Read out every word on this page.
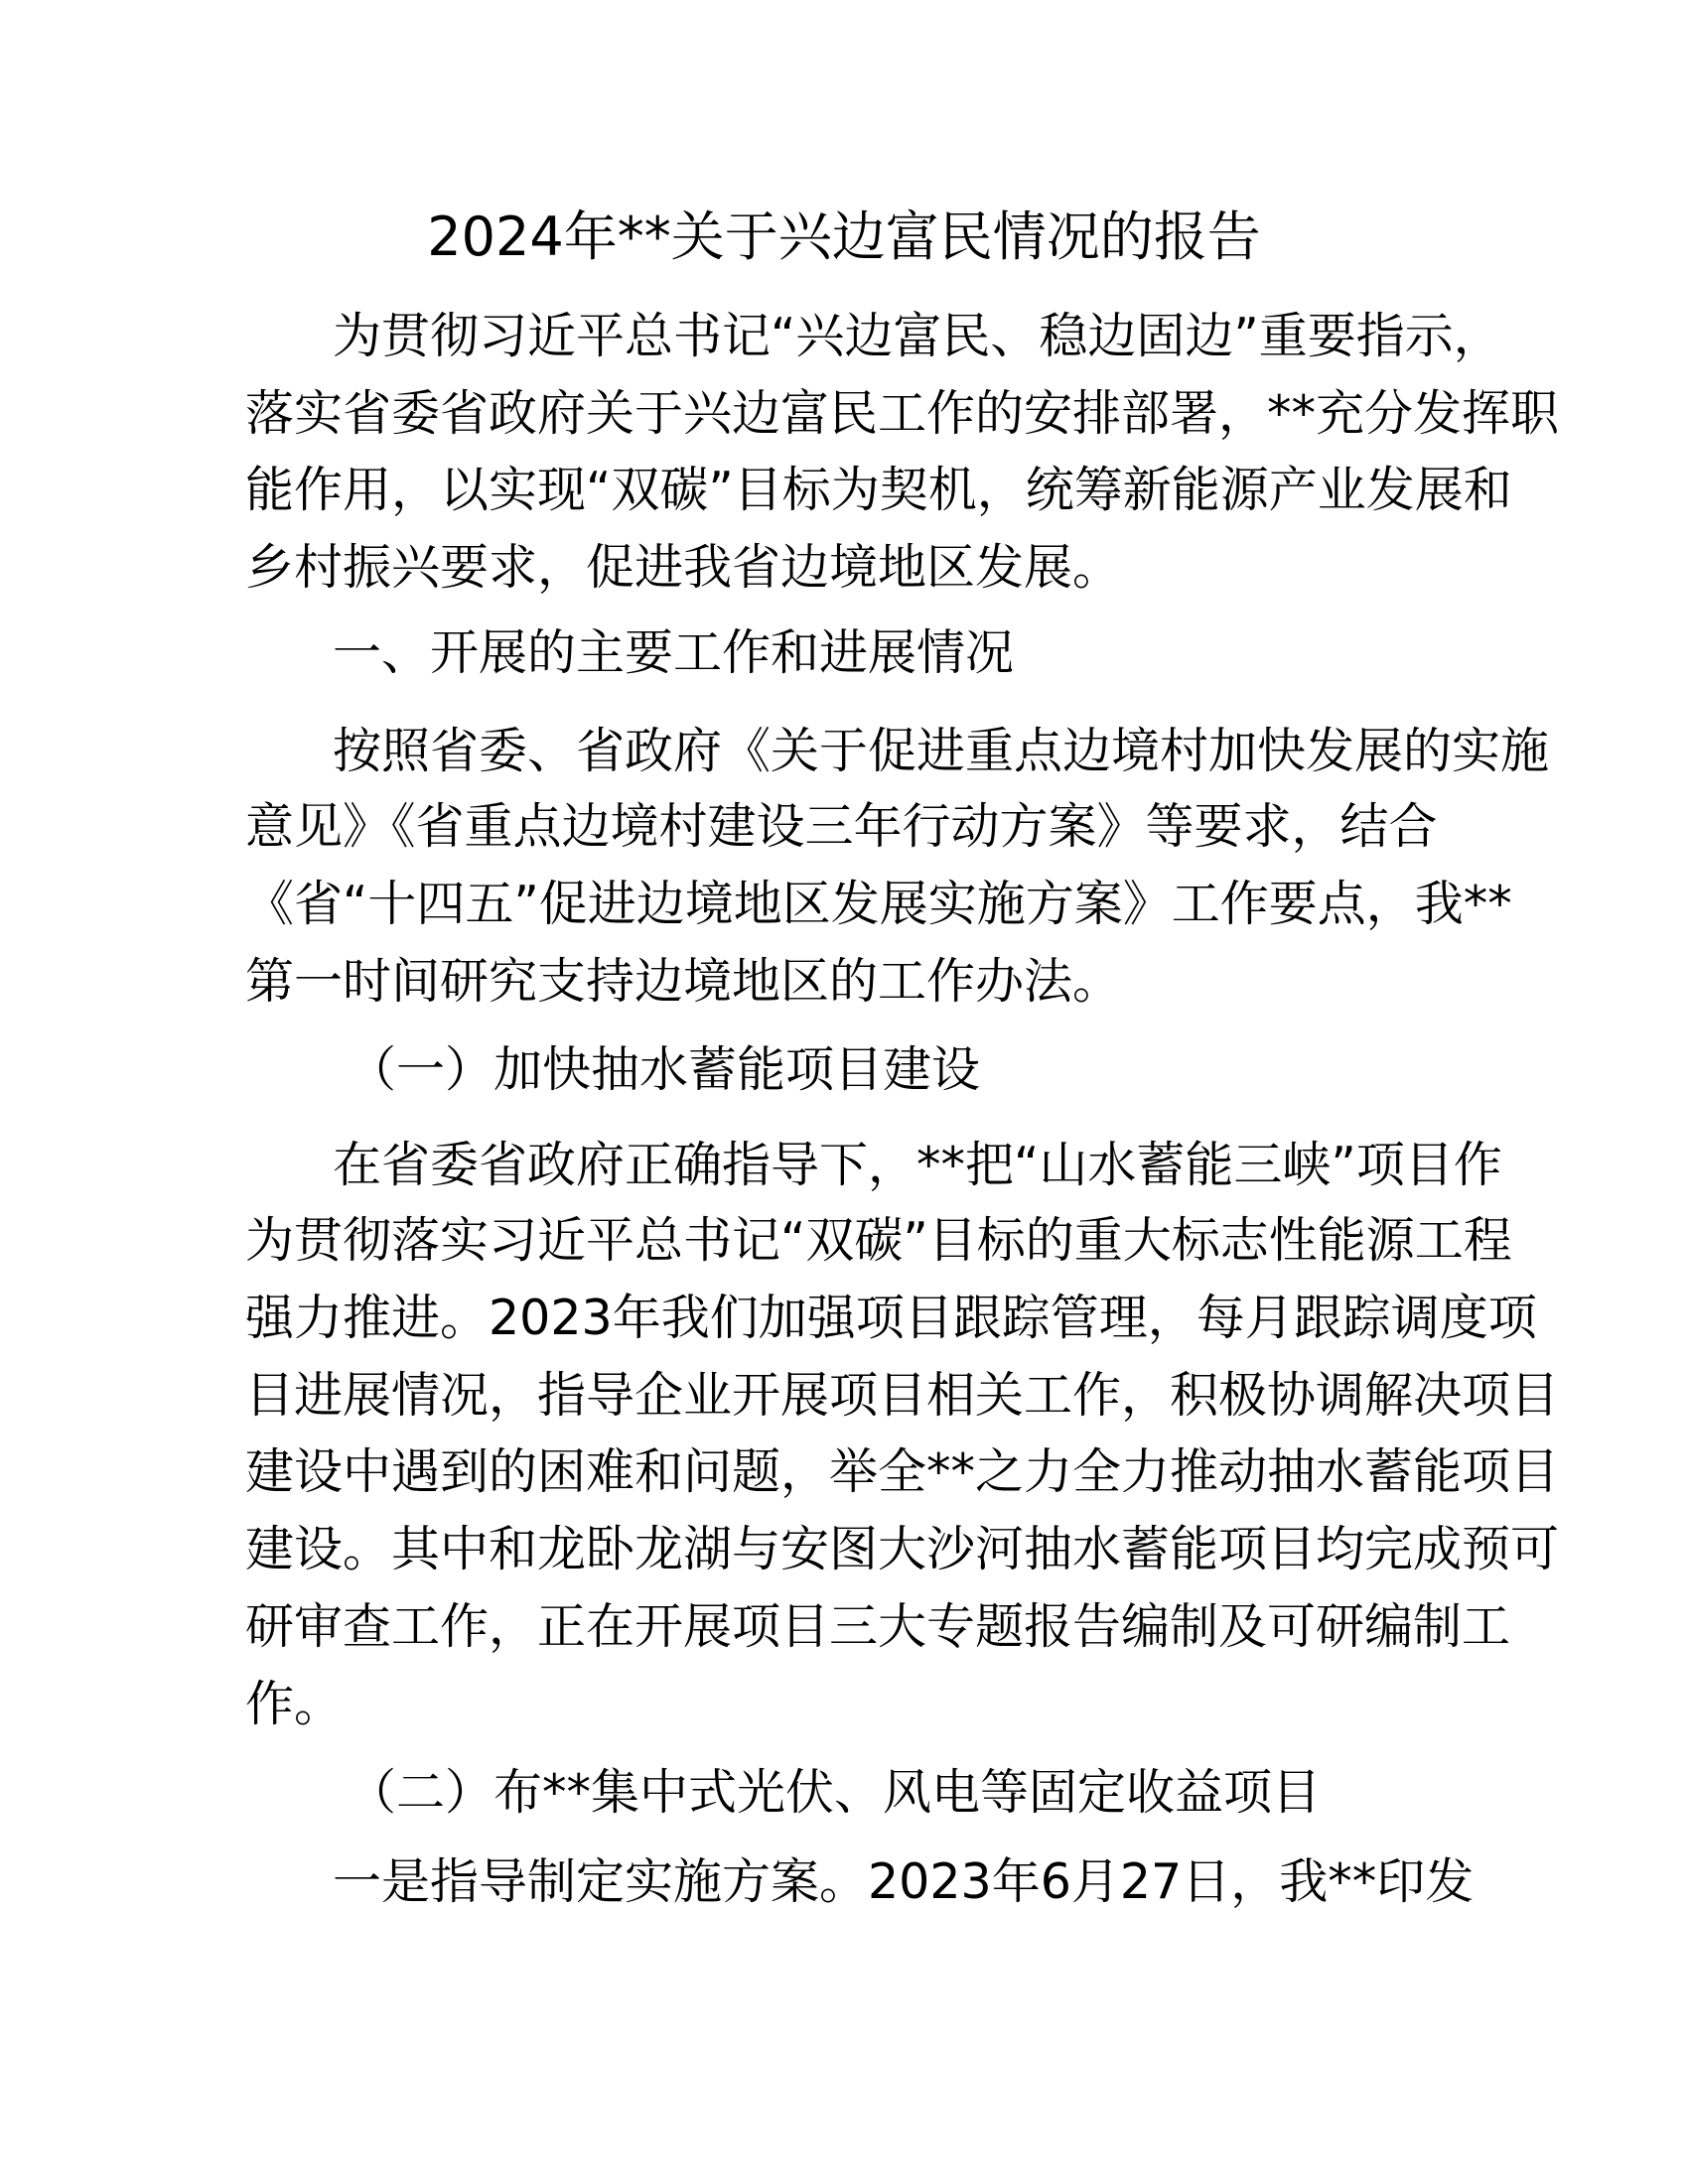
2024年**关于兴边富民情况的报告
为贯彻习近平总书记“兴边富民、稳边固边”重要指示，
落实省委省政府关于兴边富民工作的安排部署，**充分发挥职
能作用，以实现“双碳”目标为契机，统筹新能源产业发展和
乡村振兴要求，促进我省边境地区发展。
一、开展的主要工作和进展情况
按照省委、省政府《关于促进重点边境村加快发展的实施
意见》《省重点边境村建设三年行动方案》等要求，结合
《省“十四五”促进边境地区发展实施方案》工作要点，我**
第一时间研究支持边境地区的工作办法。
（一）加快抽水蓄能项目建设
在省委省政府正确指导下，**把“山水蓄能三峡”项目作
为贯彻落实习近平总书记“双碳”目标的重大标志性能源工程
强力推进。2023年我们加强项目跟踪管理，每月跟踪调度项
目进展情况，指导企业开展项目相关工作，积极协调解决项目
建设中遇到的困难和问题，举全**之力全力推动抽水蓄能项目
建设。其中和龙卧龙湖与安图大沙河抽水蓄能项目均完成预可
研审查工作，正在开展项目三大专题报告编制及可研编制工
作。
（二）布**集中式光伏、风电等固定收益项目
一是指导制定实施方案。2023年6月27日，我**印发
